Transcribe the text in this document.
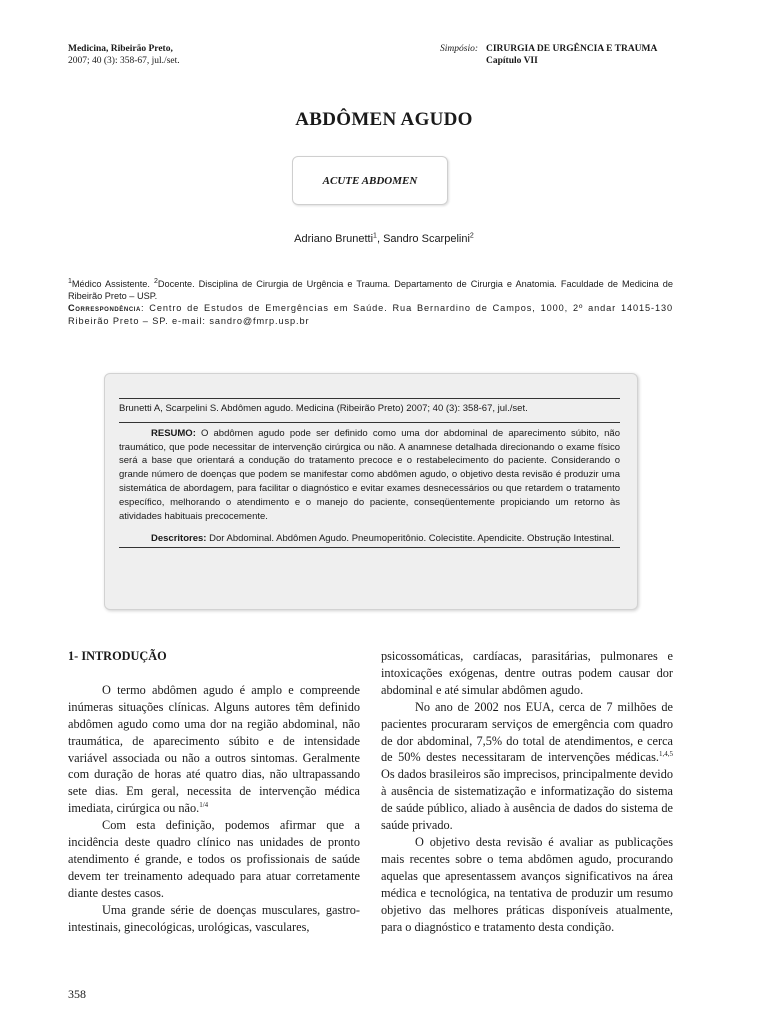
Medicina, Ribeirão Preto,
2007; 40 (3): 358-67, jul./set.
Simpósio: CIRURGIA DE URGÊNCIA E TRAUMA
Capítulo VII
ABDÔMEN AGUDO
ACUTE ABDOMEN
Adriano Brunetti$^1$, Sandro Scarpelini$^2$
$^1$Médico Assistente. $^2$Docente. Disciplina de Cirurgia de Urgência e Trauma. Departamento de Cirurgia e Anatomia. Faculdade de Medicina de Ribeirão Preto – USP.
Correspondência: Centro de Estudos de Emergências em Saúde. Rua Bernardino de Campos, 1000, 2º andar 14015-130 Ribeirão Preto – SP. e-mail: sandro@fmrp.usp.br
Brunetti A, Scarpelini S. Abdômen agudo. Medicina (Ribeirão Preto) 2007; 40 (3): 358-67, jul./set.
RESUMO: O abdômen agudo pode ser definido como uma dor abdominal de aparecimento súbito, não traumático, que pode necessitar de intervenção cirúrgica ou não. A anamnese detalhada direcionando o exame físico será a base que orientará a condução do tratamento precoce e o restabelecimento do paciente. Considerando o grande número de doenças que podem se manifestar como abdômen agudo, o objetivo desta revisão é produzir uma sistemática de abordagem, para facilitar o diagnóstico e evitar exames desnecessários ou que retardem o tratamento específico, melhorando o atendimento e o manejo do paciente, conseqüentemente propiciando um retorno às atividades habituais precocemente.
Descritores: Dor Abdominal. Abdômen Agudo. Pneumoperitônio. Colecistite. Apendicite. Obstrução Intestinal.

1- INTRODUÇÃO

O termo abdômen agudo é amplo e compreende inúmeras situações clínicas. Alguns autores têm definido abdômen agudo como uma dor na região abdominal, não traumática, de aparecimento súbito e de intensidade variável associada ou não a outros sintomas. Geralmente com duração de horas até quatro dias, não ultrapassando sete dias. Em geral, necessita de intervenção médica imediata, cirúrgica ou não.$^{1/4}$

Com esta definição, podemos afirmar que a incidência deste quadro clínico nas unidades de pronto atendimento é grande, e todos os profissionais de saúde devem ter treinamento adequado para atuar corretamente diante destes casos.

Uma grande série de doenças musculares, gastro-intestinais, ginecológicas, urológicas, vasculares,

psicossomáticas, cardíacas, parasitárias, pulmonares e intoxicações exógenas, dentre outras podem causar dor abdominal e até simular abdômen agudo.

No ano de 2002 nos EUA, cerca de 7 milhões de pacientes procuraram serviços de emergência com quadro de dor abdominal, 7,5% do total de atendimentos, e cerca de 50% destes necessitaram de intervenções médicas.$^{1,4,5}$ Os dados brasileiros são imprecisos, principalmente devido à ausência de sistematização e informatização do sistema de saúde público, aliado à ausência de dados do sistema de saúde privado.

O objetivo desta revisão é avaliar as publicações mais recentes sobre o tema abdômen agudo, procurando aquelas que apresentassem avanços significativos na área médica e tecnológica, na tentativa de produzir um resumo objetivo das melhores práticas disponíveis atualmente, para o diagnóstico e tratamento desta condição.

358
